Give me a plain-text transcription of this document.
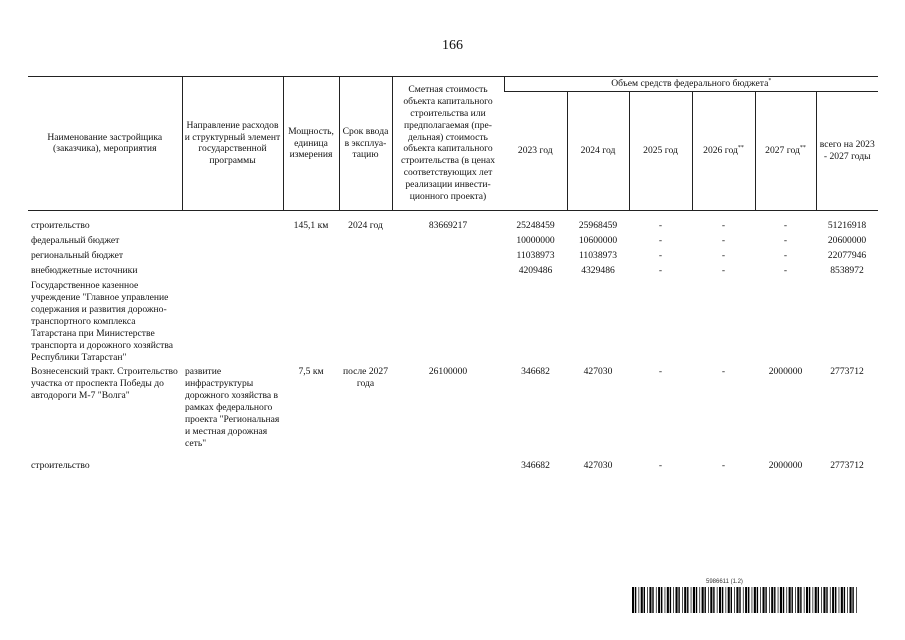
166
Наименование застройщика (заказчика), мероприятия	Направление расходов и структурный элемент государственной программы	Мощность, единица измерения	Срок ввода в эксплуа-тацию	Сметная стоимость объекта капитального строительства или предполагаемая (пре-дельная) стоимость объекта капитального строительства (в ценах соответствующих лет реализации инвести-ционного проекта)	Объем средств федерального бюджета*
					2023 год	2024 год	2025 год	2026 год**	2027 год**	всего на 2023 - 2027 годы

строительство		145,1 км	2024 год	83669217	25248459	25968459	-	-	-	51216918
федеральный бюджет					10000000	10600000	-	-	-	20600000
региональный бюджет					11038973	11038973	-	-	-	22077946
внебюджетные источники					4209486	4329486	-	-	-	8538972
Государственное казенное учреждение "Главное управление содержания и развития дорожно-транспортного комплекса Татарстана при Министерстве транспорта и дорожного хозяйства Республики Татарстан"										
Вознесенский тракт. Строительство участка от проспекта Победы до автодороги М-7 "Волга"	развитие инфраструктуры дорожного хозяйства в рамках федерального проекта "Региональная и местная дорожная сеть"	7,5 км	после 2027 года	26100000	346682	427030	-	-	2000000	2773712

строительство					346682	427030	-	-	2000000	2773712
5986611 (1.2)
